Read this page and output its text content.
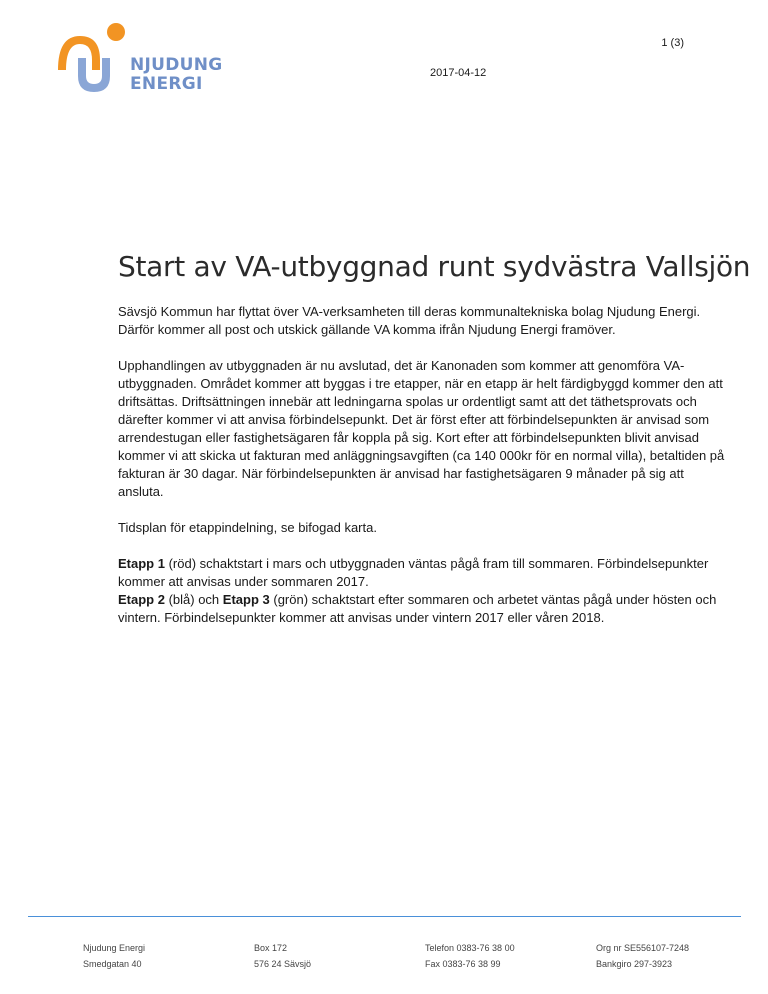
NJUDUNG
ENERGI
1 (3)
2017-04-12
Start av VA-utbyggnad runt sydvästra Vallsjön

Sävsjö Kommun har flyttat över VA-verksamheten till deras kommunaltekniska bolag Njudung Energi. Därför kommer all post och utskick gällande VA komma ifrån Njudung Energi framöver.

Upphandlingen av utbyggnaden är nu avslutad, det är Kanonaden som kommer att genomföra VA-utbyggnaden. Området kommer att byggas i tre etapper, när en etapp är helt färdigbyggd kommer den att driftsättas. Driftsättningen innebär att ledningarna spolas ur ordentligt samt att det täthetsprovats och därefter kommer vi att anvisa förbindelsepunkt. Det är först efter att förbindelsepunkten är anvisad som arrendestugan eller fastighetsägaren får koppla på sig. Kort efter att förbindelsepunkten blivit anvisad kommer vi att skicka ut fakturan med anläggningsavgiften (ca 140 000kr för en normal villa), betaltiden på fakturan är 30 dagar. När förbindelsepunkten är anvisad har fastighetsägaren 9 månader på sig att ansluta.

Tidsplan för etappindelning, se bifogad karta.

Etapp 1 (röd) schaktstart i mars och utbyggnaden väntas pågå fram till sommaren. Förbindelsepunkter kommer att anvisas under sommaren 2017.

Etapp 2 (blå) och Etapp 3 (grön) schaktstart efter sommaren och arbetet väntas pågå under hösten och vintern. Förbindelsepunkter kommer att anvisas under vintern 2017 eller våren 2018.

Njudung Energi
Smedgatan 40
Box 172
576 24 Sävsjö
Telefon 0383-76 38 00
Fax 0383-76 38 99
Org nr SE556107-7248
Bankgiro 297-3923
